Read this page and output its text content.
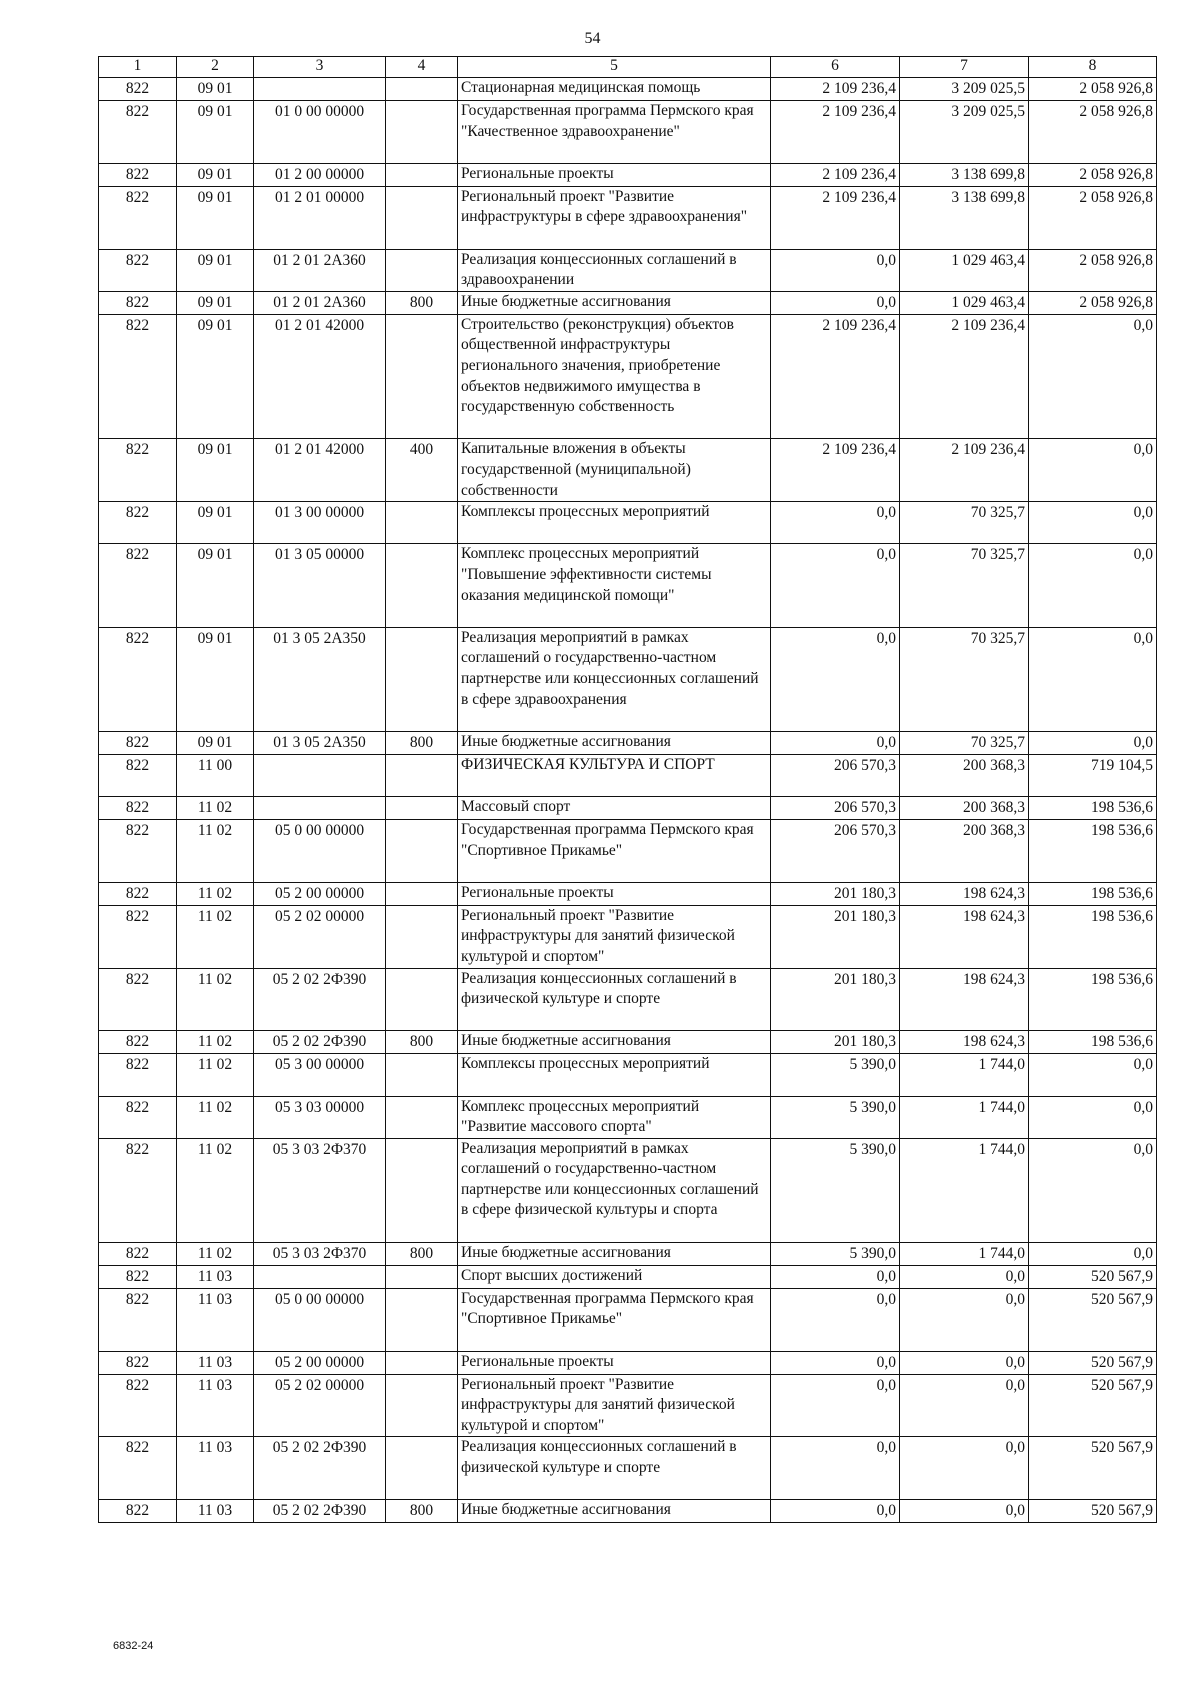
54
1	2	3	4	5	6	7	8
822	09 01			Стационарная медицинская помощь	2 109 236,4	3 209 025,5	2 058 926,8
822	09 01	01 0 00 00000		Государственная программа Пермского края "Качественное здравоохранение"	2 109 236,4	3 209 025,5	2 058 926,8
822	09 01	01 2 00 00000		Региональные проекты	2 109 236,4	3 138 699,8	2 058 926,8
822	09 01	01 2 01 00000		Региональный проект "Развитие инфраструктуры в сфере здравоохранения"	2 109 236,4	3 138 699,8	2 058 926,8
822	09 01	01 2 01 2А360		Реализация концессионных соглашений в здравоохранении	0,0	1 029 463,4	2 058 926,8
822	09 01	01 2 01 2А360	800	Иные бюджетные ассигнования	0,0	1 029 463,4	2 058 926,8
822	09 01	01 2 01 42000		Строительство (реконструкция) объектов общественной инфраструктуры регионального значения, приобретение объектов недвижимого имущества в государственную собственность	2 109 236,4	2 109 236,4	0,0
822	09 01	01 2 01 42000	400	Капитальные вложения в объекты государственной (муниципальной) собственности	2 109 236,4	2 109 236,4	0,0
822	09 01	01 3 00 00000		Комплексы процессных мероприятий	0,0	70 325,7	0,0
822	09 01	01 3 05 00000		Комплекс процессных мероприятий "Повышение эффективности системы оказания медицинской помощи"	0,0	70 325,7	0,0
822	09 01	01 3 05 2А350		Реализация мероприятий в рамках соглашений о государственно-частном партнерстве или концессионных соглашений в сфере здравоохранения	0,0	70 325,7	0,0
822	09 01	01 3 05 2А350	800	Иные бюджетные ассигнования	0,0	70 325,7	0,0
822	11 00			ФИЗИЧЕСКАЯ КУЛЬТУРА И СПОРТ	206 570,3	200 368,3	719 104,5
822	11 02			Массовый спорт	206 570,3	200 368,3	198 536,6
822	11 02	05 0 00 00000		Государственная программа Пермского края "Спортивное Прикамье"	206 570,3	200 368,3	198 536,6
822	11 02	05 2 00 00000		Региональные проекты	201 180,3	198 624,3	198 536,6
822	11 02	05 2 02 00000		Региональный проект "Развитие инфраструктуры для занятий физической культурой и спортом"	201 180,3	198 624,3	198 536,6
822	11 02	05 2 02 2Ф390		Реализация концессионных соглашений в физической культуре и спорте	201 180,3	198 624,3	198 536,6
822	11 02	05 2 02 2Ф390	800	Иные бюджетные ассигнования	201 180,3	198 624,3	198 536,6
822	11 02	05 3 00 00000		Комплексы процессных мероприятий	5 390,0	1 744,0	0,0
822	11 02	05 3 03 00000		Комплекс процессных мероприятий "Развитие массового спорта"	5 390,0	1 744,0	0,0
822	11 02	05 3 03 2Ф370		Реализация мероприятий в рамках соглашений о государственно-частном партнерстве или концессионных соглашений в сфере физической культуры и спорта	5 390,0	1 744,0	0,0
822	11 02	05 3 03 2Ф370	800	Иные бюджетные ассигнования	5 390,0	1 744,0	0,0
822	11 03			Спорт высших достижений	0,0	0,0	520 567,9
822	11 03	05 0 00 00000		Государственная программа Пермского края "Спортивное Прикамье"	0,0	0,0	520 567,9
822	11 03	05 2 00 00000		Региональные проекты	0,0	0,0	520 567,9
822	11 03	05 2 02 00000		Региональный проект "Развитие инфраструктуры для занятий физической культурой и спортом"	0,0	0,0	520 567,9
822	11 03	05 2 02 2Ф390		Реализация концессионных соглашений в физической культуре и спорте	0,0	0,0	520 567,9
822	11 03	05 2 02 2Ф390	800	Иные бюджетные ассигнования	0,0	0,0	520 567,9
6832-24
